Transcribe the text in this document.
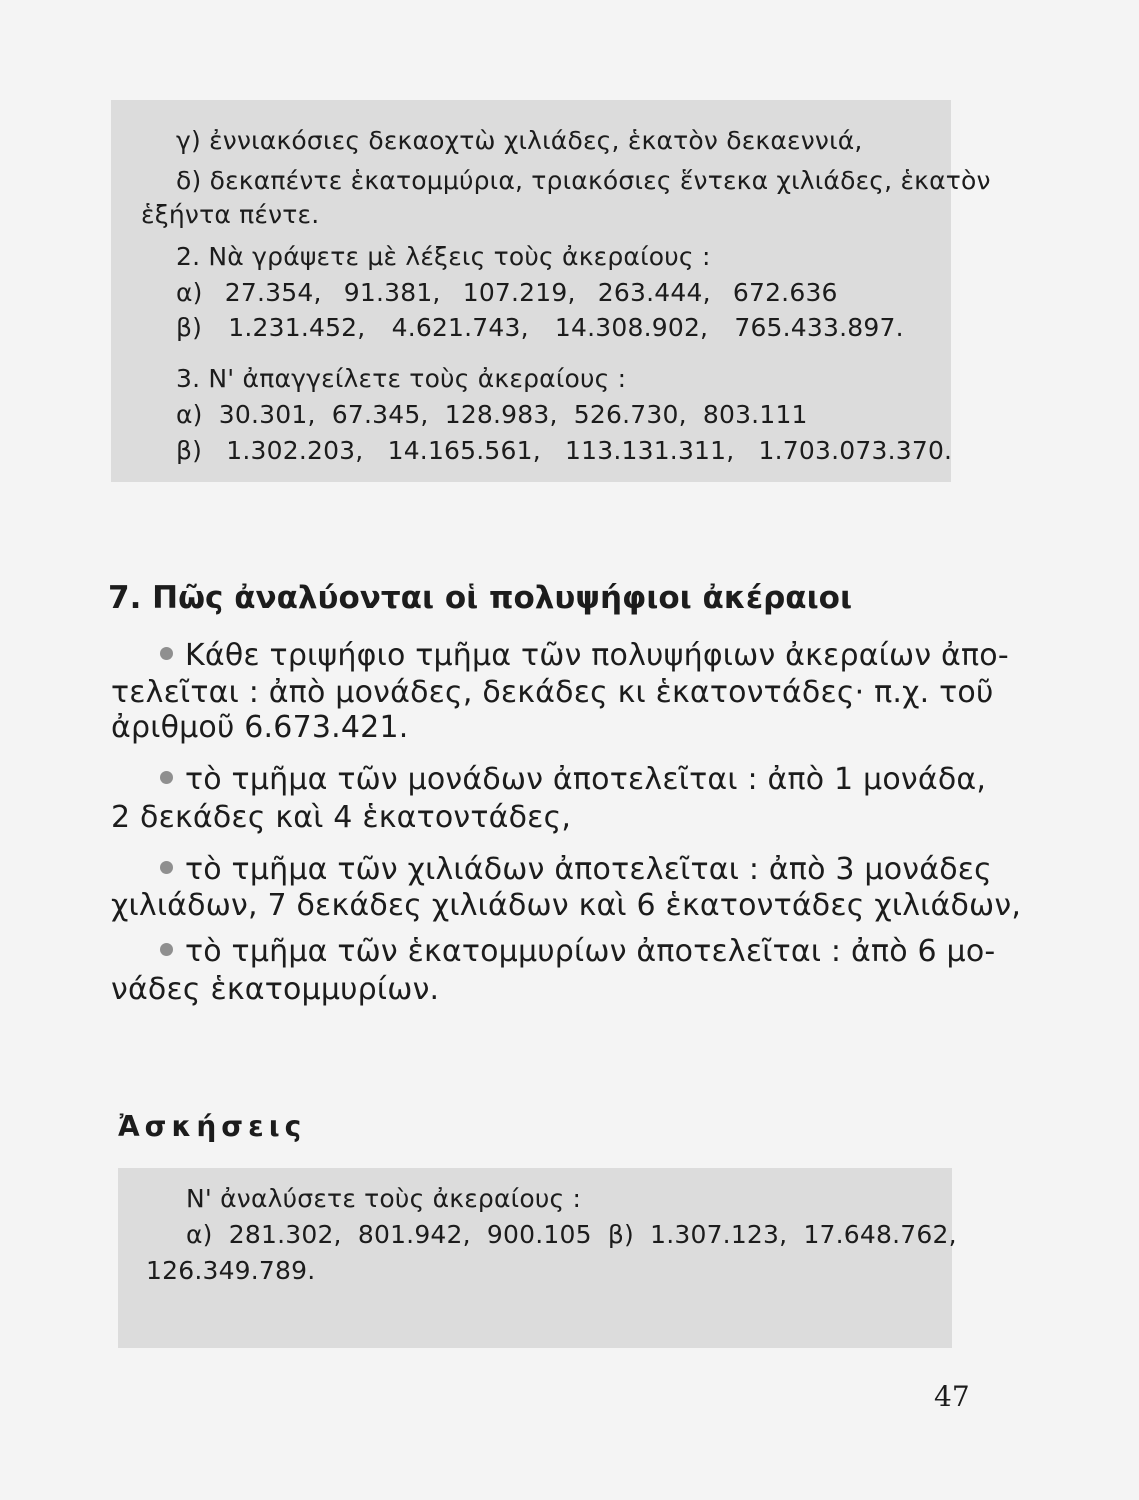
γ) ἐννιακόσιες δεκαοχτὼ χιλιάδες, ἑκατὸν δεκαεννιά,
δ) δεκαπέντε ἑκατομμύρια, τριακόσιες ἕντεκα χιλιάδες, ἑκατὸν
ἑξήντα πέντε.
2. Νὰ γράψετε μὲ λέξεις τοὺς ἀκεραίους :
α) 27.354, 91.381, 107.219, 263.444, 672.636
β) 1.231.452, 4.621.743, 14.308.902, 765.433.897.
3. Ν' ἀπαγγείλετε τοὺς ἀκεραίους :
α) 30.301, 67.345, 128.983, 526.730, 803.111
β) 1.302.203, 14.165.561, 113.131.311, 1.703.073.370.
7. Πῶς ἀναλύονται οἱ πολυψήφιοι ἀκέραιοι
Κάθε τριψήφιο τμῆμα τῶν πολυψήφιων ἀκεραίων ἀπο-
τελεῖται : ἀπὸ μονάδες, δεκάδες κι ἑκατοντάδες· π.χ. τοῦ
ἀριθμοῦ 6.673.421.
τὸ τμῆμα τῶν μονάδων ἀποτελεῖται : ἀπὸ 1 μονάδα,
2 δεκάδες καὶ 4 ἑκατοντάδες,
τὸ τμῆμα τῶν χιλιάδων ἀποτελεῖται : ἀπὸ 3 μονάδες
χιλιάδων, 7 δεκάδες χιλιάδων καὶ 6 ἑκατοντάδες χιλιάδων,
τὸ τμῆμα τῶν ἑκατομμυρίων ἀποτελεῖται : ἀπὸ 6 μο-
νάδες ἑκατομμυρίων.
Ἀσκήσεις
Ν' ἀναλύσετε τοὺς ἀκεραίους :
α) 281.302, 801.942, 900.105 β) 1.307.123, 17.648.762,
126.349.789.
47
